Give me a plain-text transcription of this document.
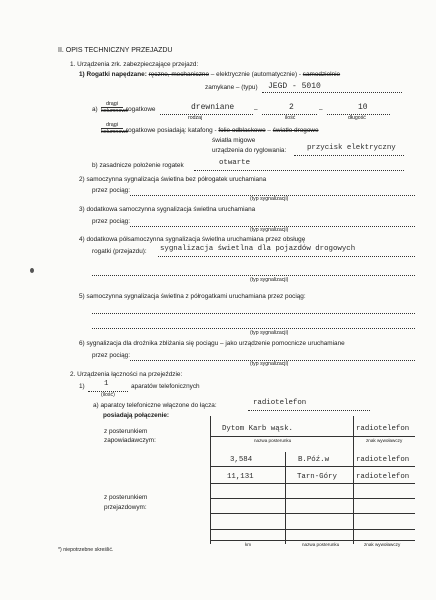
II. OPIS TECHNICZNY PRZEJAZDU
1. Urządzenia zrk. zabezpieczające przejazd:
1) Rogatki napędzane: ręczne, mechaniczne – elektrycznie (automatycznie) - samodzielnie
zamykane – (typu) JEGD - 5010
a)
drągi
kolumnowe
rogatkowe	drewniane	–	2	–	10
rodzaj	ilość	długość
drągi
kolumnowe
rogatkowe posiadają: katafong - folie odblaskowe – światło drogowe
światła migowe
urządzenia do ryglowania:	przycisk elektryczny
b) zasadnicze położenie rogatek	otwarte
2) samoczynna sygnalizacja świetlna bez półrogatek uruchamiana
przez pociąg:
(typ sygnalizacji)
3) dodatkowa samoczynna sygnalizacja świetlna uruchamiana
przez pociąg:
(typ sygnalizacji)
4) dodatkowa półsamoczynna sygnalizacja świetlna uruchamiana przez obsługę
rogatki (przejazdu): sygnalizacja świetlna dla pojazdów drogowych
(typ sygnalizacji)
5) samoczynna sygnalizacja świetlna z półrogatkami uruchamiana przez pociąg:
(typ sygnalizacji)
6) sygnalizacja dla drożnika zbliżania się pociągu – jako urządzenie pomocnicze uruchamiane
przez pociąg:
(typ sygnalizacji)
2. Urządzenia łączności na przejeździe:
1)	1	aparatów telefonicznych
(ilość)
a) aparatcy telefoniczne włączone do łącza:	radiotelefon
posiadają połączenie:
z posterunkiem
zapowiadawczym:
Dytom Karb wąsk.	radiotelefon
nazwa posterunku	znak wywoławczy
3,584	B.Póź.w	radiotelefon
11,131	Tarn-Góry	radiotelefon
z posterunkiem
przejazdowym:
km	nazwa posterunku	znak wywoławczy
*) niepotrzebne skreślić.
